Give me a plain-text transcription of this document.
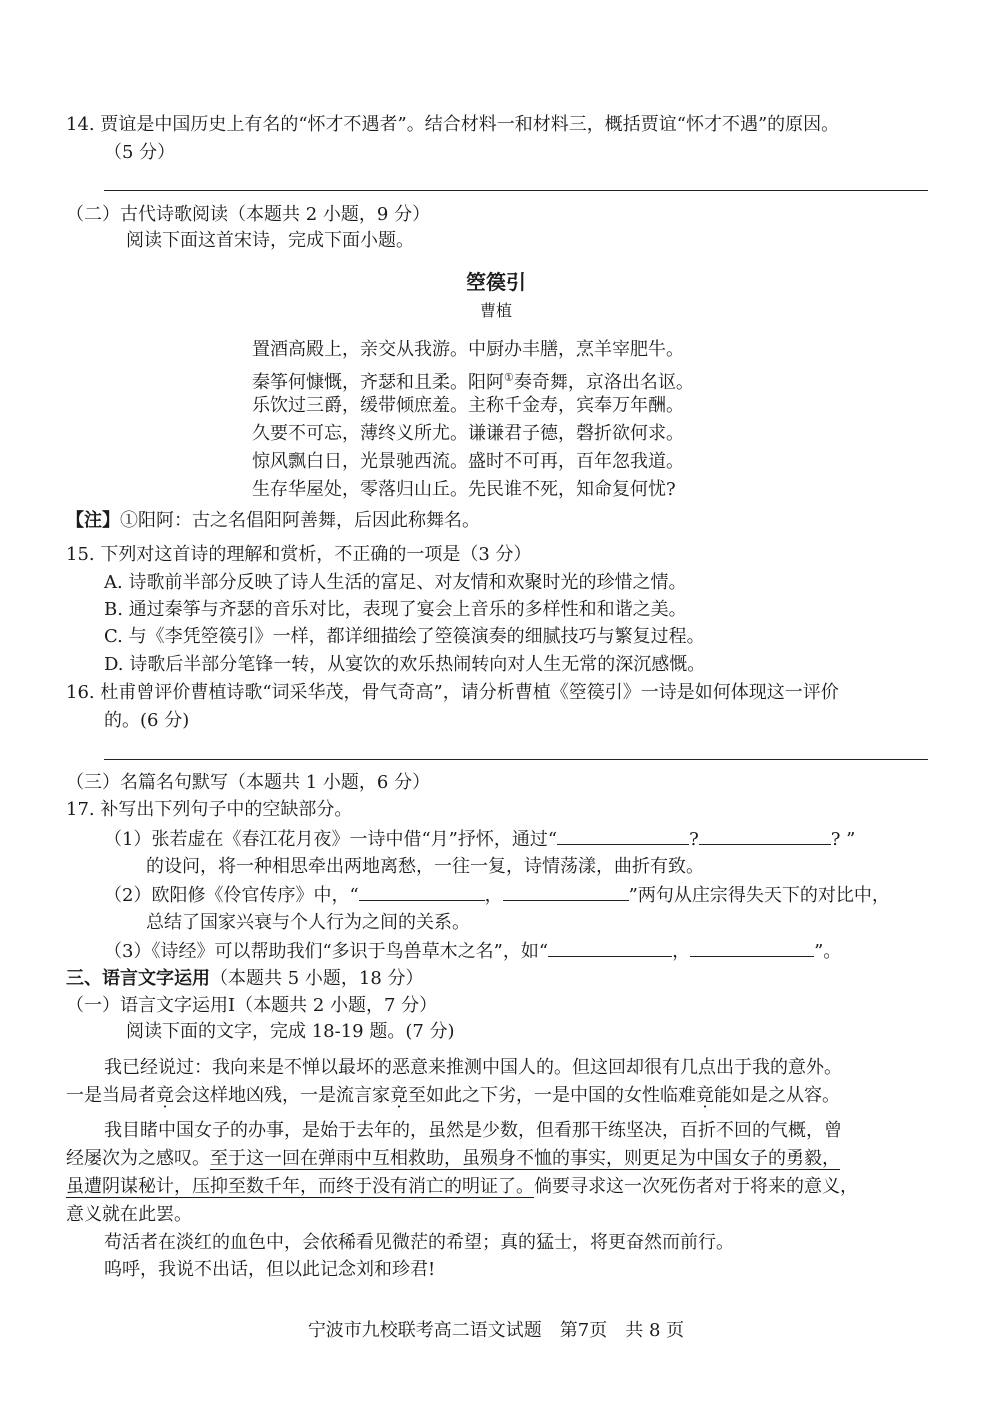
14. 贾谊是中国历史上有名的“怀才不遇者”。结合材料一和材料三，概括贾谊“怀才不遇”的原因。
（5 分）
（二）古代诗歌阅读（本题共 2 小题，9 分）
阅读下面这首宋诗，完成下面小题。
箜篌引
曹植
置酒高殿上，亲交从我游。中厨办丰膳，烹羊宰肥牛。
秦筝何慷慨，齐瑟和且柔。阳阿①奏奇舞，京洛出名讴。
乐饮过三爵，缓带倾庶羞。主称千金寿，宾奉万年酬。
久要不可忘，薄终义所尤。谦谦君子德，磬折欲何求。
惊风飘白日，光景驰西流。盛时不可再，百年忽我道。
生存华屋处，零落归山丘。先民谁不死，知命复何忧?
【注】①阳阿：古之名倡阳阿善舞，后因此称舞名。
15. 下列对这首诗的理解和赏析，不正确的一项是（3 分）
A. 诗歌前半部分反映了诗人生活的富足、对友情和欢聚时光的珍惜之情。
B. 通过秦筝与齐瑟的音乐对比，表现了宴会上音乐的多样性和和谐之美。
C. 与《李凭箜篌引》一样，都详细描绘了箜篌演奏的细腻技巧与繁复过程。
D. 诗歌后半部分笔锋一转，从宴饮的欢乐热闹转向对人生无常的深沉感慨。
16. 杜甫曾评价曹植诗歌“词采华茂，骨气奇高”，请分析曹植《箜篌引》一诗是如何体现这一评价
的。(6 分)
（三）名篇名句默写（本题共 1 小题，6 分）
17. 补写出下列句子中的空缺部分。
（1）张若虚在《春江花月夜》一诗中借“月”抒怀，通过“	?	? ”
的设问，将一种相思牵出两地离愁，一往一复，诗情荡漾，曲折有致。
（2）欧阳修《伶官传序》中，“	，	”两句从庄宗得失天下的对比中，
总结了国家兴衰与个人行为之间的关系。
（3）《诗经》可以帮助我们“多识于鸟兽草木之名”，如“	，	”。
三、语言文字运用（本题共 5 小题，18 分）
（一）语言文字运用Ⅰ（本题共 2 小题，7 分）
阅读下面的文字，完成 18-19 题。(7 分)
我已经说过：我向来是不惮以最坏的恶意来推测中国人的。但这回却很有几点出于我的意外。
一是当局者竟会这样地凶残，一是流言家竟至如此之下劣，一是中国的女性临难竟能如是之从容。
我目睹中国女子的办事，是始于去年的，虽然是少数，但看那干练坚决，百折不回的气概，曾
经屡次为之感叹。至于这一回在弹雨中互相救助，虽殒身不恤的事实，则更足为中国女子的勇毅，
虽遭阴谋秘计，压抑至数千年，而终于没有消亡的明证了。倘要寻求这一次死伤者对于将来的意义，
意义就在此罢。
苟活者在淡红的血色中，会依稀看见微茫的希望；真的猛士，将更奋然而前行。
呜呼，我说不出话，但以此记念刘和珍君!
宁波市九校联考高二语文试题　第7页　共 8 页
